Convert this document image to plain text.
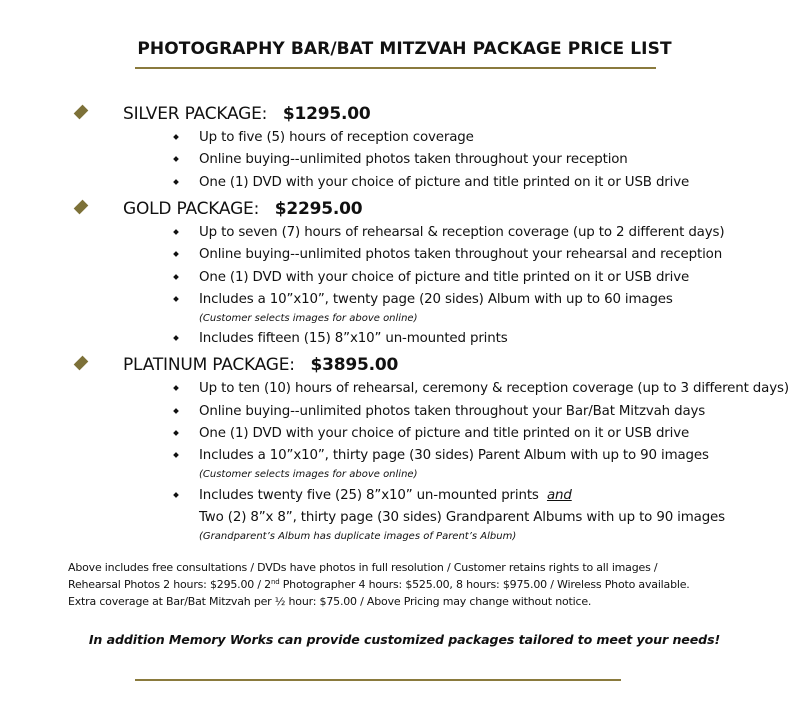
PHOTOGRAPHY BAR/BAT MITZVAH PACKAGE PRICE LIST
SILVER PACKAGE: $1295.00
Up to five (5) hours of reception coverage
Online buying--unlimited photos taken throughout your reception
One (1) DVD with your choice of picture and title printed on it or USB drive
GOLD PACKAGE: $2295.00
Up to seven (7) hours of rehearsal & reception coverage (up to 2 different days)
Online buying--unlimited photos taken throughout your rehearsal and reception
One (1) DVD with your choice of picture and title printed on it or USB drive
Includes a 10”x10”, twenty page (20 sides) Album with up to 60 images
(Customer selects images for above online)
Includes fifteen (15) 8”x10” un-mounted prints
PLATINUM PACKAGE: $3895.00
Up to ten (10) hours of rehearsal, ceremony & reception coverage (up to 3 different days)
Online buying--unlimited photos taken throughout your Bar/Bat Mitzvah days
One (1) DVD with your choice of picture and title printed on it or USB drive
Includes a 10”x10”, thirty page (30 sides) Parent Album with up to 90 images
(Customer selects images for above online)
Includes twenty five (25) 8”x10” un-mounted prints and
Two (2) 8”x 8”, thirty page (30 sides) Grandparent Albums with up to 90 images
(Grandparent’s Album has duplicate images of Parent’s Album)
Above includes free consultations / DVDs have photos in full resolution / Customer retains rights to all images /
Rehearsal Photos 2 hours: $295.00 / 2nd Photographer 4 hours: $525.00, 8 hours: $975.00 / Wireless Photo available.
Extra coverage at Bar/Bat Mitzvah per ½ hour: $75.00 / Above Pricing may change without notice.
In addition Memory Works can provide customized packages tailored to meet your needs!
